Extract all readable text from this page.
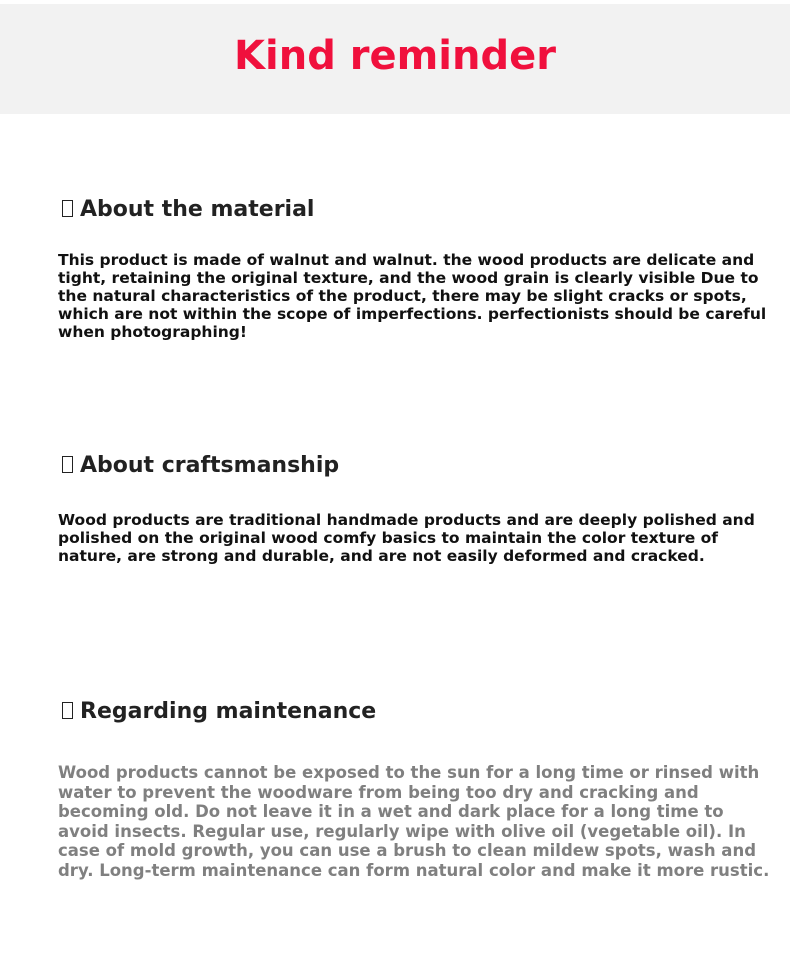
Kind reminder
About the material
This product is made of walnut and walnut. the wood products are delicate and
tight, retaining the original texture, and the wood grain is clearly visible Due to
the natural characteristics of the product, there may be slight cracks or spots,
which are not within the scope of imperfections. perfectionists should be careful
when photographing!
About craftsmanship
Wood products are traditional handmade products and are deeply polished and
polished on the original wood comfy basics to maintain the color texture of
nature, are strong and durable, and are not easily deformed and cracked.
Regarding maintenance
Wood products cannot be exposed to the sun for a long time or rinsed with
water to prevent the woodware from being too dry and cracking and
becoming old. Do not leave it in a wet and dark place for a long time to
avoid insects. Regular use, regularly wipe with olive oil (vegetable oil). In
case of mold growth, you can use a brush to clean mildew spots, wash and
dry. Long-term maintenance can form natural color and make it more rustic.
